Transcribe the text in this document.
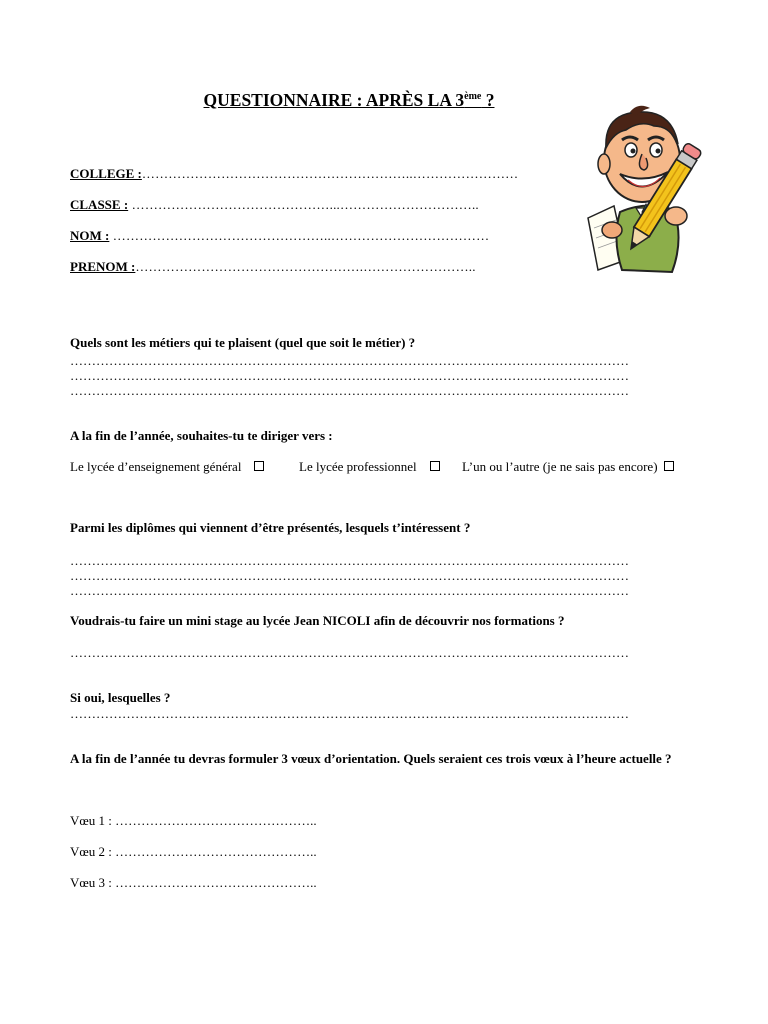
QUESTIONNAIRE : APRÈS LA 3ème ?
COLLEGE :……………………………………………………..……………………
CLASSE : ………………………………………...…………………………..
NOM : …………………………………………..………………………………
PRENOM :…………………………………………….……………………..
Quels sont les métiers qui te plaisent (quel que soit le métier) ?
…………………………………………………………………………………………………………………
…………………………………………………………………………………………………………………
…………………………………………………………………………………………………………………
A la fin de l’année, souhaites-tu te diriger vers :
Le lycée d’enseignement général	Le lycée professionnel	L’un ou l’autre (je ne sais pas encore)
Parmi les diplômes qui viennent d’être présentés, lesquels t’intéressent ?
…………………………………………………………………………………………………………………
…………………………………………………………………………………………………………………
…………………………………………………………………………………………………………………
Voudrais-tu faire un mini stage au lycée Jean NICOLI afin de découvrir nos formations ?
…………………………………………………………………………………………………………………
Si oui, lesquelles ?
…………………………………………………………………………………………………………………
A la fin de l’année tu devras formuler 3 vœux d’orientation. Quels seraient ces trois vœux à l’heure actuelle ?
Vœu 1 : ………………………………………..
Vœu 2 : ………………………………………..
Vœu 3 : ………………………………………..
